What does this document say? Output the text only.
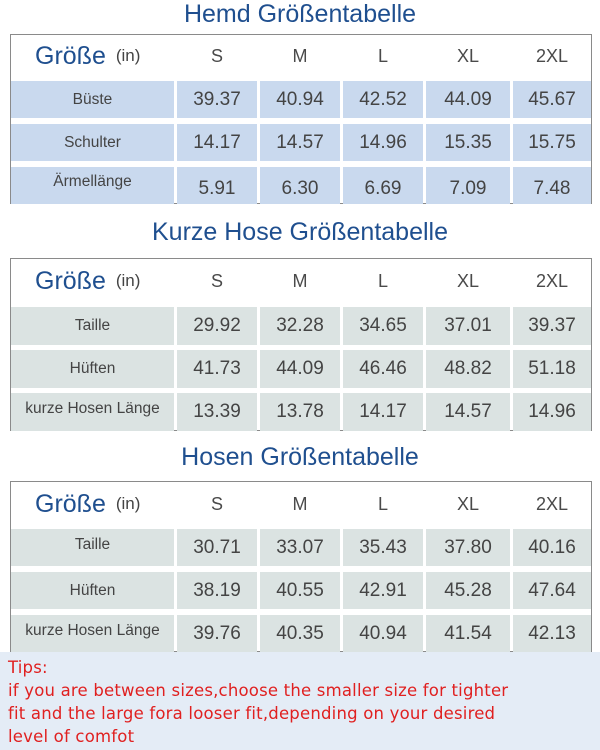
Hemd Größentabelle
Größe (in)	S	M	L	XL	2XL
Büste	39.37	40.94	42.52	44.09	45.67
Schulter	14.17	14.57	14.96	15.35	15.75
Ärmellänge	5.91	6.30	6.69	7.09	7.48
Kurze Hose Größentabelle
Größe (in)	S	M	L	XL	2XL
Taille	29.92	32.28	34.65	37.01	39.37
Hüften	41.73	44.09	46.46	48.82	51.18
kurze Hosen Länge	13.39	13.78	14.17	14.57	14.96
Hosen Größentabelle
Größe (in)	S	M	L	XL	2XL
Taille	30.71	33.07	35.43	37.80	40.16
Hüften	38.19	40.55	42.91	45.28	47.64
kurze Hosen Länge	39.76	40.35	40.94	41.54	42.13
Tips:
if you are between sizes,choose the smaller size for tighter
fit and the large fora looser fit,depending on your desired
level of comfot
